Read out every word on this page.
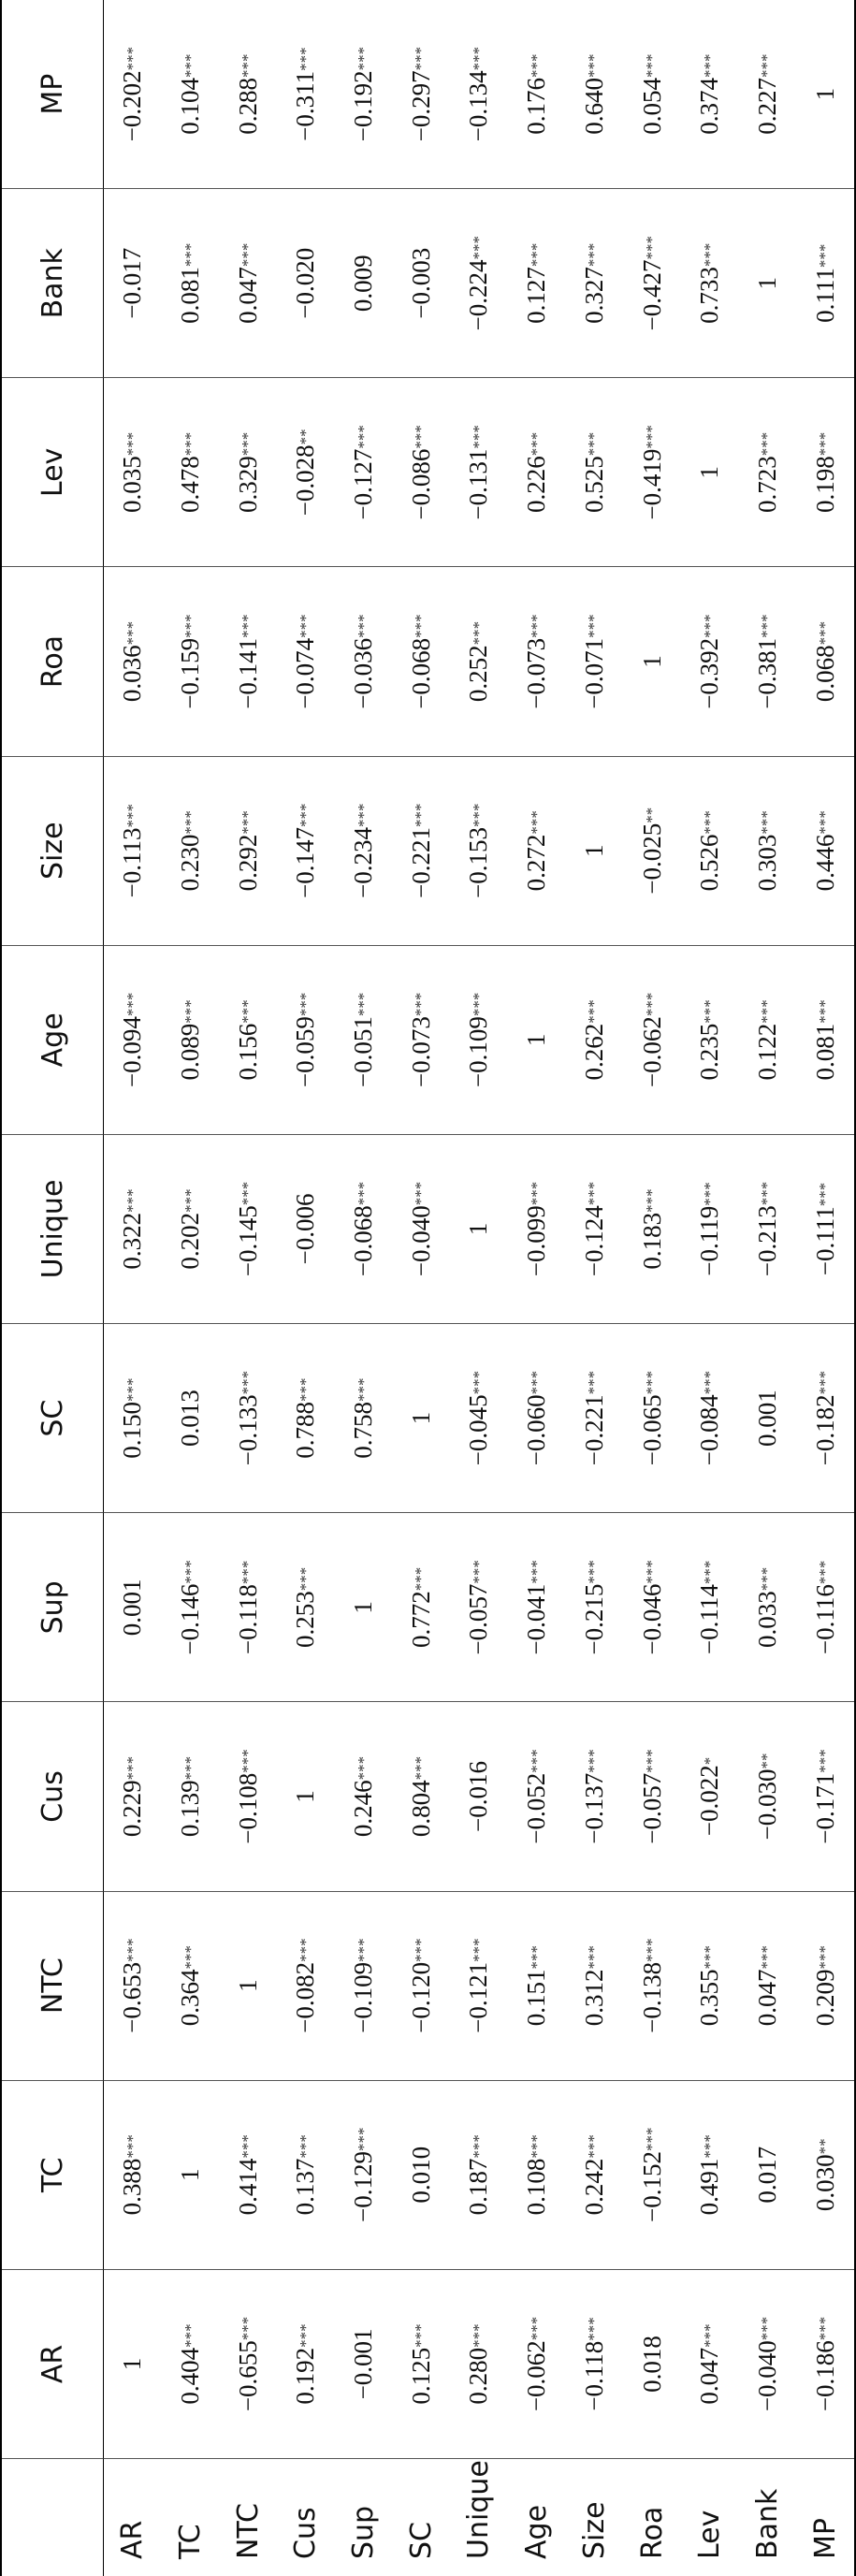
AR
TC
NTC
Cus
Sup
SC
Unique
Age
Size
Roa
Lev
Bank
MP
AR
1
0.388
***
−0.653
***
0.229
***
0.001
0.150
***
0.322
***
−0.094
***
−0.113
***
0.036
***
0.035
***
−0.017
−0.202
***
TC
0.404
***
1
0.364
***
0.139
***
−0.146
***
0.013
0.202
***
0.089
***
0.230
***
−0.159
***
0.478
***
0.081
***
0.104
***
NTC
−0.655
***
0.414
***
1
−0.108
***
−0.118
***
−0.133
***
−0.145
***
0.156
***
0.292
***
−0.141
***
0.329
***
0.047
***
0.288
***
Cus
0.192
***
0.137
***
−0.082
***
1
0.253
***
0.788
***
−0.006
−0.059
***
−0.147
***
−0.074
***
−0.028
**
−0.020
−0.311
***
Sup
−0.001
−0.129
***
−0.109
***
0.246
***
1
0.758
***
−0.068
***
−0.051
***
−0.234
***
−0.036
***
−0.127
***
0.009
−0.192
***
SC
0.125
***
0.010
−0.120
***
0.804
***
0.772
***
1
−0.040
***
−0.073
***
−0.221
***
−0.068
***
−0.086
***
−0.003
−0.297
***
Unique
0.280
***
0.187
***
−0.121
***
−0.016
−0.057
***
−0.045
***
1
−0.109
***
−0.153
***
0.252
***
−0.131
***
−0.224
***
−0.134
***
Age
−0.062
***
0.108
***
0.151
***
−0.052
***
−0.041
***
−0.060
***
−0.099
***
1
0.272
***
−0.073
***
0.226
***
0.127
***
0.176
***
Size
−0.118
***
0.242
***
0.312
***
−0.137
***
−0.215
***
−0.221
***
−0.124
***
0.262
***
1
−0.071
***
0.525
***
0.327
***
0.640
***
Roa
0.018
−0.152
***
−0.138
***
−0.057
***
−0.046
***
−0.065
***
0.183
***
−0.062
***
−0.025
**
1
−0.419
***
−0.427
***
0.054
***
Lev
0.047
***
0.491
***
0.355
***
−0.022
*
−0.114
***
−0.084
***
−0.119
***
0.235
***
0.526
***
−0.392
***
1
0.733
***
0.374
***
Bank
−0.040
***
0.017
0.047
***
−0.030
**
0.033
***
0.001
−0.213
***
0.122
***
0.303
***
−0.381
***
0.723
***
1
0.227
***
MP
−0.186
***
0.030
**
0.209
***
−0.171
***
−0.116
***
−0.182
***
−0.111
***
0.081
***
0.446
***
0.068
***
0.198
***
0.111
***
1
